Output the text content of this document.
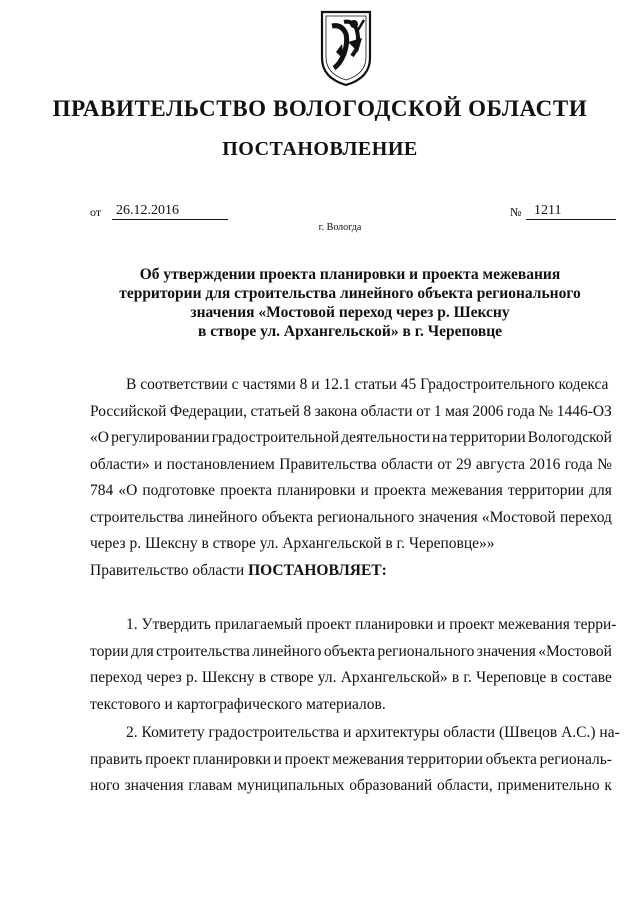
ПРАВИТЕЛЬСТВО ВОЛОГОДСКОЙ ОБЛАСТИ
ПОСТАНОВЛЕНИЕ
от 26.12.2016	№ 1211
г. Вологда
Об утверждении проекта планировки и проекта межевания
территории для строительства линейного объекта регионального
значения «Мостовой переход через р. Шексну
в створе ул. Архангельской» в г. Череповце
В соответствии с частями 8 и 12.1 статьи 45 Градостроительного кодекса
Российской Федерации, статьей 8 закона области от 1 мая 2006 года № 1446-ОЗ
«О регулировании градостроительной деятельности на территории Вологодской
области» и постановлением Правительства области от 29 августа 2016 года №
784 «О подготовке проекта планировки и проекта межевания территории для
строительства линейного объекта регионального значения «Мостовой переход
через р. Шексну в створе ул. Архангельской в г. Череповце»»
Правительство области ПОСТАНОВЛЯЕТ:
1. Утвердить прилагаемый проект планировки и проект межевания терри-
тории для строительства линейного объекта регионального значения «Мостовой
переход через р. Шексну в створе ул. Архангельской» в г. Череповце в составе
текстового и картографического материалов.
2. Комитету градостроительства и архитектуры области (Швецов А.С.) на-
править проект планировки и проект межевания территории объекта региональ-
ного значения главам муниципальных образований области, применительно к
